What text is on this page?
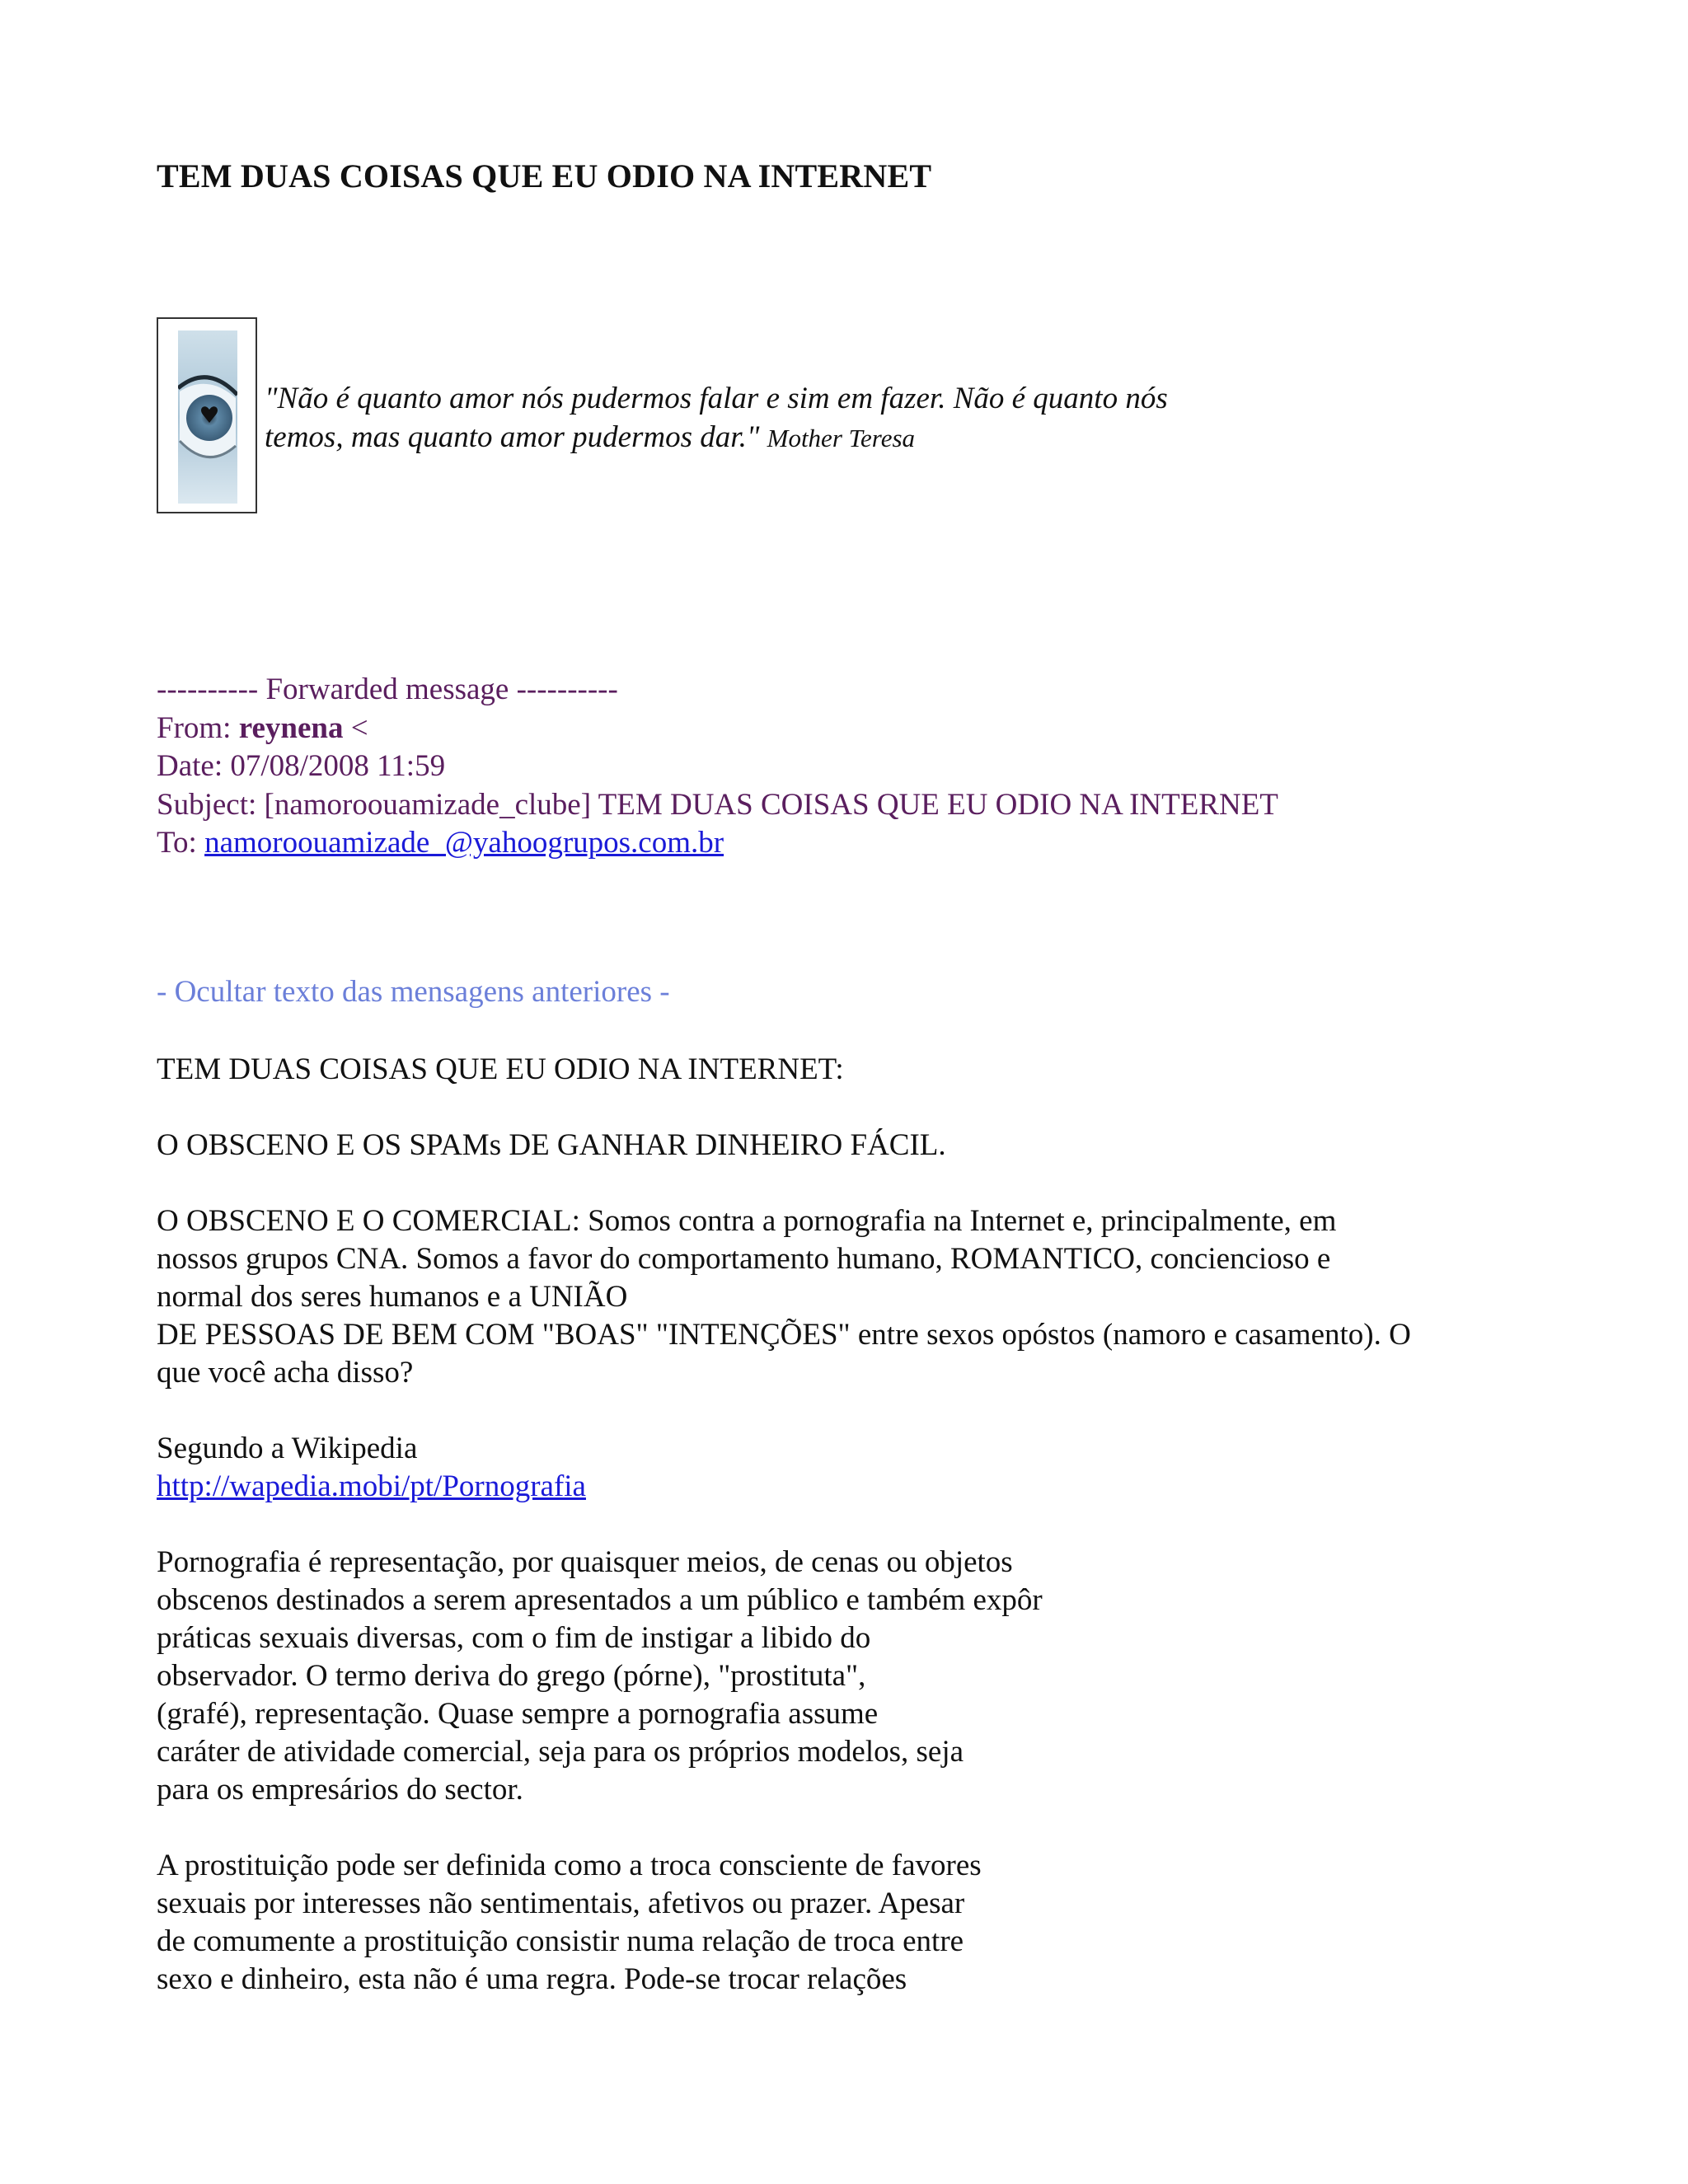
TEM DUAS COISAS QUE EU ODIO NA INTERNET
"Não é quanto amor nós pudermos falar e sim em fazer. Não é quanto nós
temos, mas quanto amor pudermos dar." Mother Teresa
---------- Forwarded message ----------
From: reynena <
Date: 07/08/2008 11:59
Subject: [namoroouamizade_clube] TEM DUAS COISAS QUE EU ODIO NA INTERNET
To: namoroouamizade_@yahoogrupos.com.br
- Ocultar texto das mensagens anteriores -

TEM DUAS COISAS QUE EU ODIO NA INTERNET:

O OBSCENO E OS SPAMs DE GANHAR DINHEIRO FÁCIL.

O OBSCENO E O COMERCIAL: Somos contra a pornografia na Internet e, principalmente, em
nossos grupos CNA. Somos a favor do comportamento humano, ROMANTICO, conciencioso e
normal dos seres humanos e a UNIÃO
DE PESSOAS DE BEM COM "BOAS" "INTENÇÕES" entre sexos opóstos (namoro e casamento). O
que você acha disso?

Segundo a Wikipedia
http://wapedia.mobi/pt/Pornografia

Pornografia é representação, por quaisquer meios, de cenas ou objetos
obscenos destinados a serem apresentados a um público e também expôr
práticas sexuais diversas, com o fim de instigar a libido do
observador. O termo deriva do grego (pórne), "prostituta",
(grafé), representação. Quase sempre a pornografia assume
caráter de atividade comercial, seja para os próprios modelos, seja
para os empresários do sector.

A prostituição pode ser definida como a troca consciente de favores
sexuais por interesses não sentimentais, afetivos ou prazer. Apesar
de comumente a prostituição consistir numa relação de troca entre
sexo e dinheiro, esta não é uma regra. Pode-se trocar relações
